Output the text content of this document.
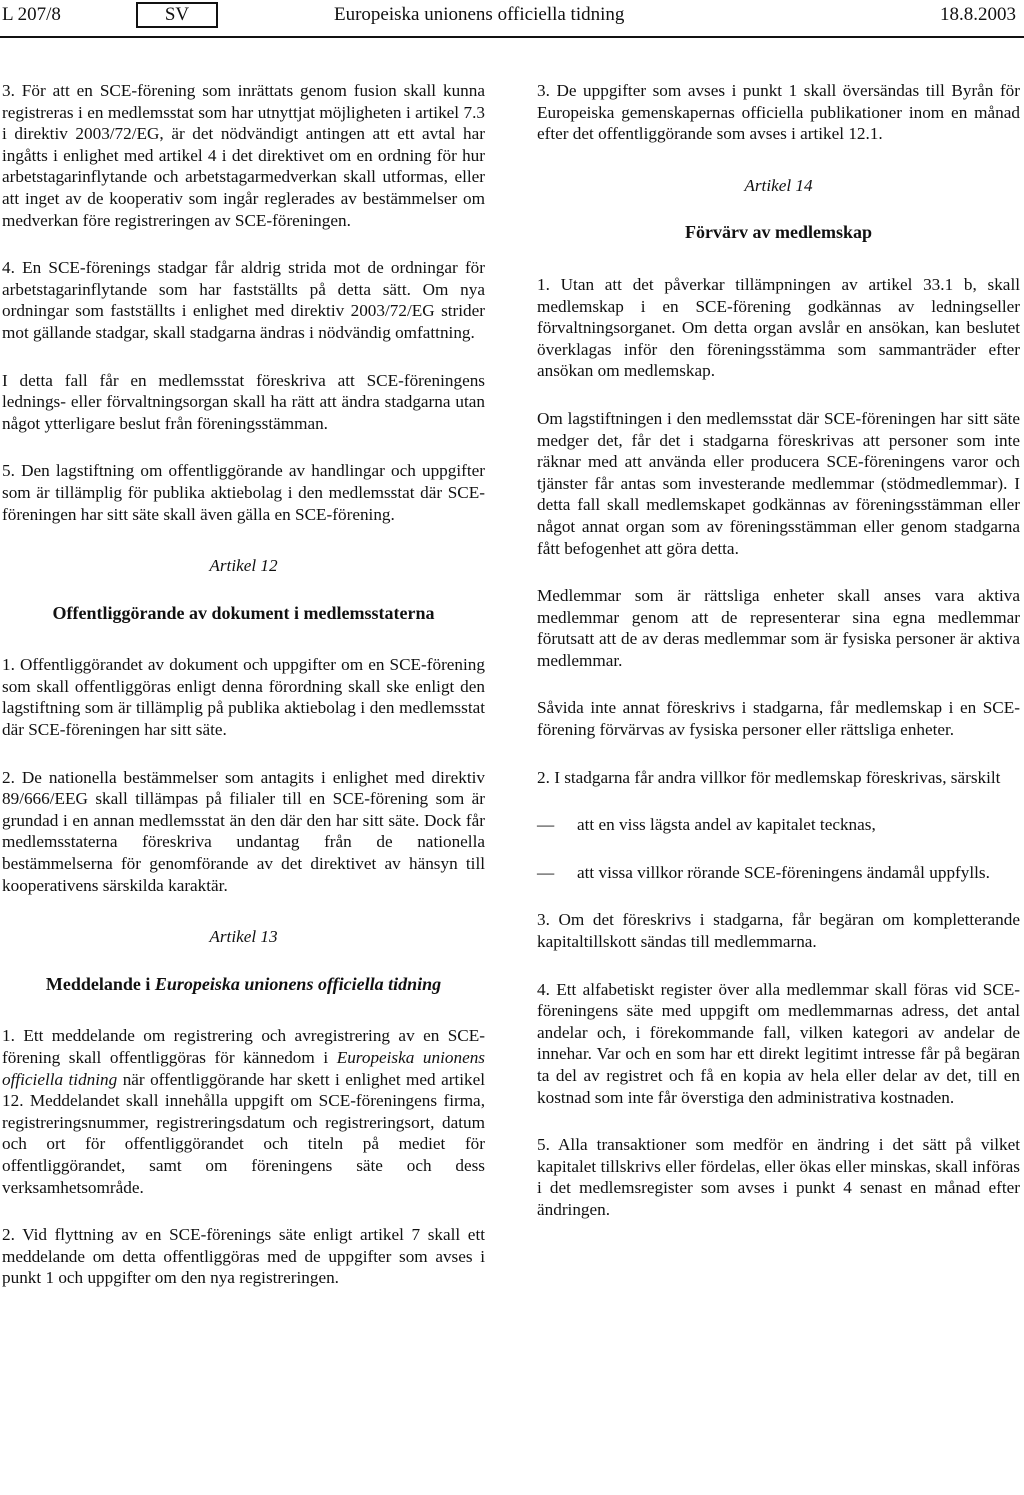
L 207/8	SV	Europeiska unionens officiella tidning	18.8.2003

3. För att en SCE-förening som inrättats genom fusion skall kunna registreras i en medlemsstat som har utnyttjat möjligheten i artikel 7.3 i direktiv 2003/72/EG, är det nödvändigt antingen att ett avtal har ingåtts i enlighet med artikel 4 i det direktivet om en ordning för hur arbetstagarinflytande och arbetstagarmedverkan skall utformas, eller att inget av de kooperativ som ingår reglerades av bestämmelser om medverkan före registreringen av SCE-föreningen.

4. En SCE-förenings stadgar får aldrig strida mot de ordningar för arbetstagarinflytande som har fastställts på detta sätt. Om nya ordningar som fastställts i enlighet med direktiv 2003/72/EG strider mot gällande stadgar, skall stadgarna ändras i nödvändig omfattning.

I detta fall får en medlemsstat föreskriva att SCE-föreningens lednings- eller förvaltningsorgan skall ha rätt att ändra stadgarna utan något ytterligare beslut från föreningsstämman.

5. Den lagstiftning om offentliggörande av handlingar och uppgifter som är tillämplig för publika aktiebolag i den medlemsstat där SCE-föreningen har sitt säte skall även gälla en SCE-förening.

Artikel 12
Offentliggörande av dokument i medlemsstaterna

1. Offentliggörandet av dokument och uppgifter om en SCE-förening som skall offentliggöras enligt denna förordning skall ske enligt den lagstiftning som är tillämplig på publika aktiebolag i den medlemsstat där SCE-föreningen har sitt säte.

2. De nationella bestämmelser som antagits i enlighet med direktiv 89/666/EEG skall tillämpas på filialer till en SCE-förening som är grundad i en annan medlemsstat än den där den har sitt säte. Dock får medlemsstaterna föreskriva undantag från de nationella bestämmelserna för genomförande av det direktivet av hänsyn till kooperativens särskilda karaktär.

Artikel 13
Meddelande i Europeiska unionens officiella tidning

1. Ett meddelande om registrering och avregistrering av en SCE-förening skall offentliggöras för kännedom i Europeiska unionens officiella tidning när offentliggörande har skett i enlighet med artikel 12. Meddelandet skall innehålla uppgift om SCE-föreningens firma, registreringsnummer, registreringsdatum och registreringsort, datum och ort för offentliggörandet och titeln på mediet för offentliggörandet, samt om föreningens säte och dess verksamhetsområde.

2. Vid flyttning av en SCE-förenings säte enligt artikel 7 skall ett meddelande om detta offentliggöras med de uppgifter som avses i punkt 1 och uppgifter om den nya registreringen.

3. De uppgifter som avses i punkt 1 skall översändas till Byrån för Europeiska gemenskapernas officiella publikationer inom en månad efter det offentliggörande som avses i artikel 12.1.

Artikel 14
Förvärv av medlemskap

1. Utan att det påverkar tillämpningen av artikel 33.1 b, skall medlemskap i en SCE-förening godkännas av ledningseller förvaltningsorganet. Om detta organ avslår en ansökan, kan beslutet överklagas inför den föreningsstämma som sammanträder efter ansökan om medlemskap.

Om lagstiftningen i den medlemsstat där SCE-föreningen har sitt säte medger det, får det i stadgarna föreskrivas att personer som inte räknar med att använda eller producera SCE-föreningens varor och tjänster får antas som investerande medlemmar (stödmedlemmar). I detta fall skall medlemskapet godkännas av föreningsstämman eller något annat organ som av föreningsstämman eller genom stadgarna fått befogenhet att göra detta.

Medlemmar som är rättsliga enheter skall anses vara aktiva medlemmar genom att de representerar sina egna medlemmar förutsatt att de av deras medlemmar som är fysiska personer är aktiva medlemmar.

Såvida inte annat föreskrivs i stadgarna, får medlemskap i en SCE-förening förvärvas av fysiska personer eller rättsliga enheter.

2. I stadgarna får andra villkor för medlemskap föreskrivas, särskilt

—	att en viss lägsta andel av kapitalet tecknas,
—	att vissa villkor rörande SCE-föreningens ändamål uppfylls.

3. Om det föreskrivs i stadgarna, får begäran om kompletterande kapitaltillskott sändas till medlemmarna.

4. Ett alfabetiskt register över alla medlemmar skall föras vid SCE-föreningens säte med uppgift om medlemmarnas adress, det antal andelar och, i förekommande fall, vilken kategori av andelar de innehar. Var och en som har ett direkt legitimt intresse får på begäran ta del av registret och få en kopia av hela eller delar av det, till en kostnad som inte får överstiga den administrativa kostnaden.

5. Alla transaktioner som medför en ändring i det sätt på vilket kapitalet tillskrivs eller fördelas, eller ökas eller minskas, skall införas i det medlemsregister som avses i punkt 4 senast en månad efter ändringen.
